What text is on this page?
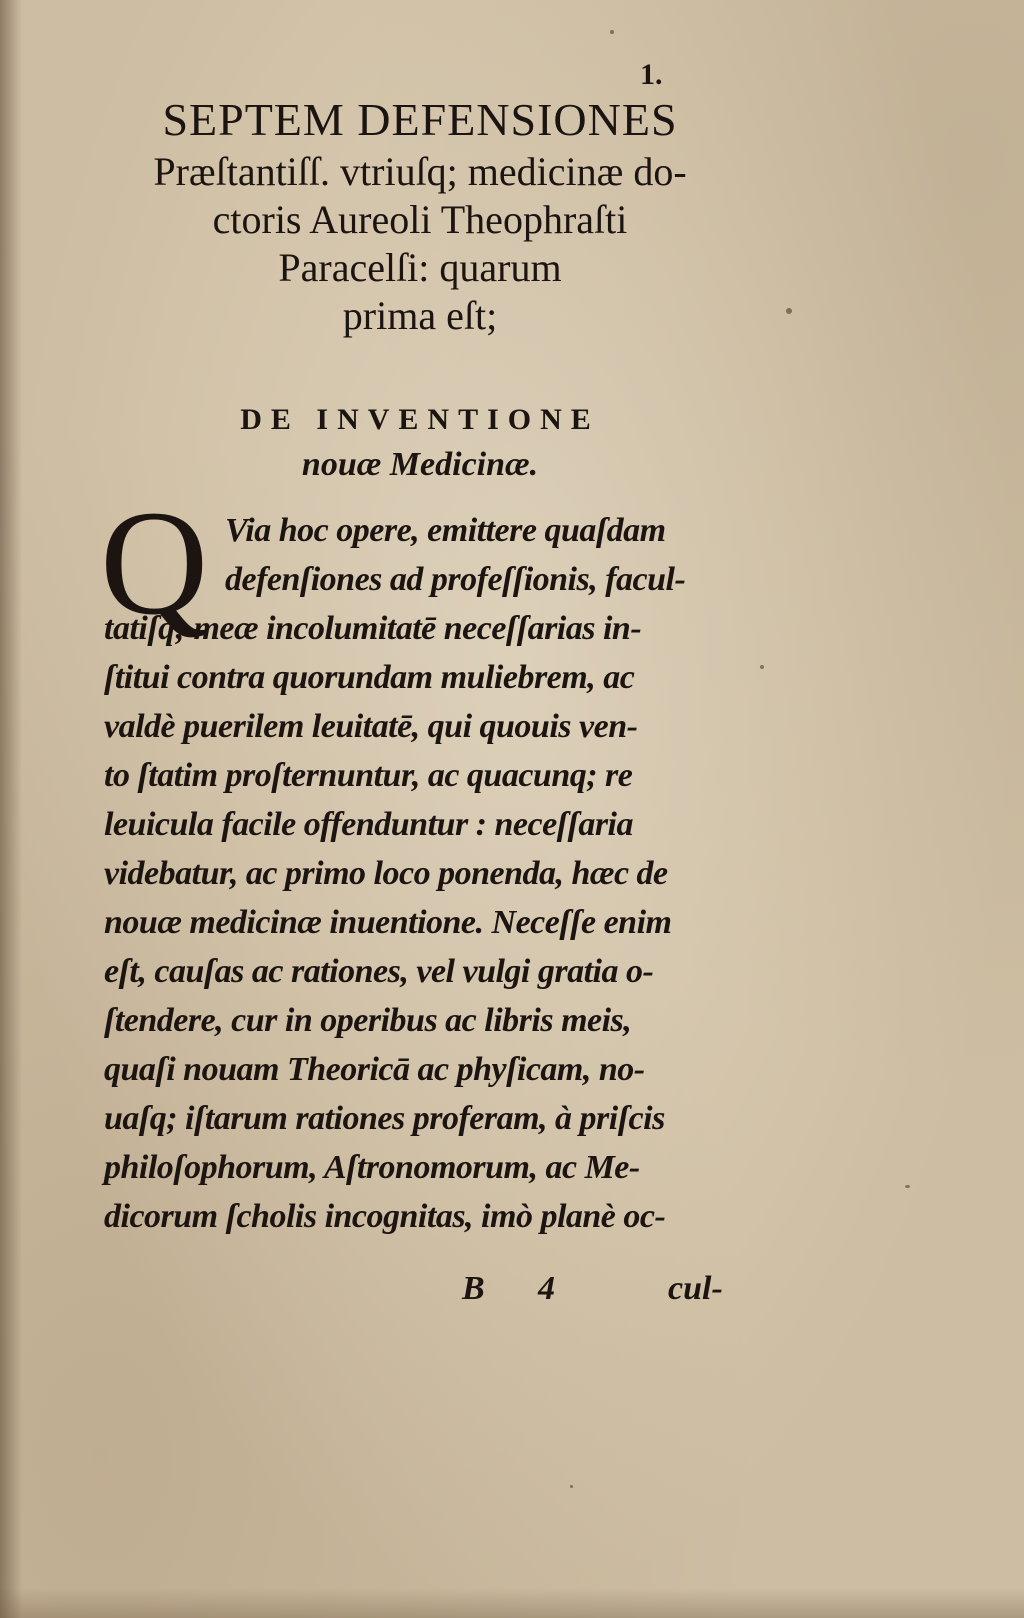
1.
SEPTEM DEFENSIONES
Præſtantiſſ. vtriuſq; medicinæ do-
ctoris Aureoli Theophraſti
Paracelſi: quarum
prima eſt;
DE INVENTIONE
nouæ Medicinæ.
Q Via hoc opere, emittere quaſdam
defenſiones ad profeſſionis, facul-
tatiſq; meæ incolumitatē neceſſarias in-
ſtitui contra quorundam muliebrem, ac
valdè puerilem leuitatē, qui quouis ven-
to ſtatim proſternuntur, ac quacunq; re
leuicula facile offenduntur : neceſſaria
videbatur, ac primo loco ponenda, hæc de
nouæ medicinæ inuentione. Neceſſe enim
eſt, cauſas ac rationes, vel vulgi gratia o-
ſtendere, cur in operibus ac libris meis,
quaſi nouam Theoricā ac phyſicam, no-
uaſq; iſtarum rationes proferam, à priſcis
philoſophorum, Aſtronomorum, ac Me-
dicorum ſcholis incognitas, imò planè oc-
B 4	cul-
